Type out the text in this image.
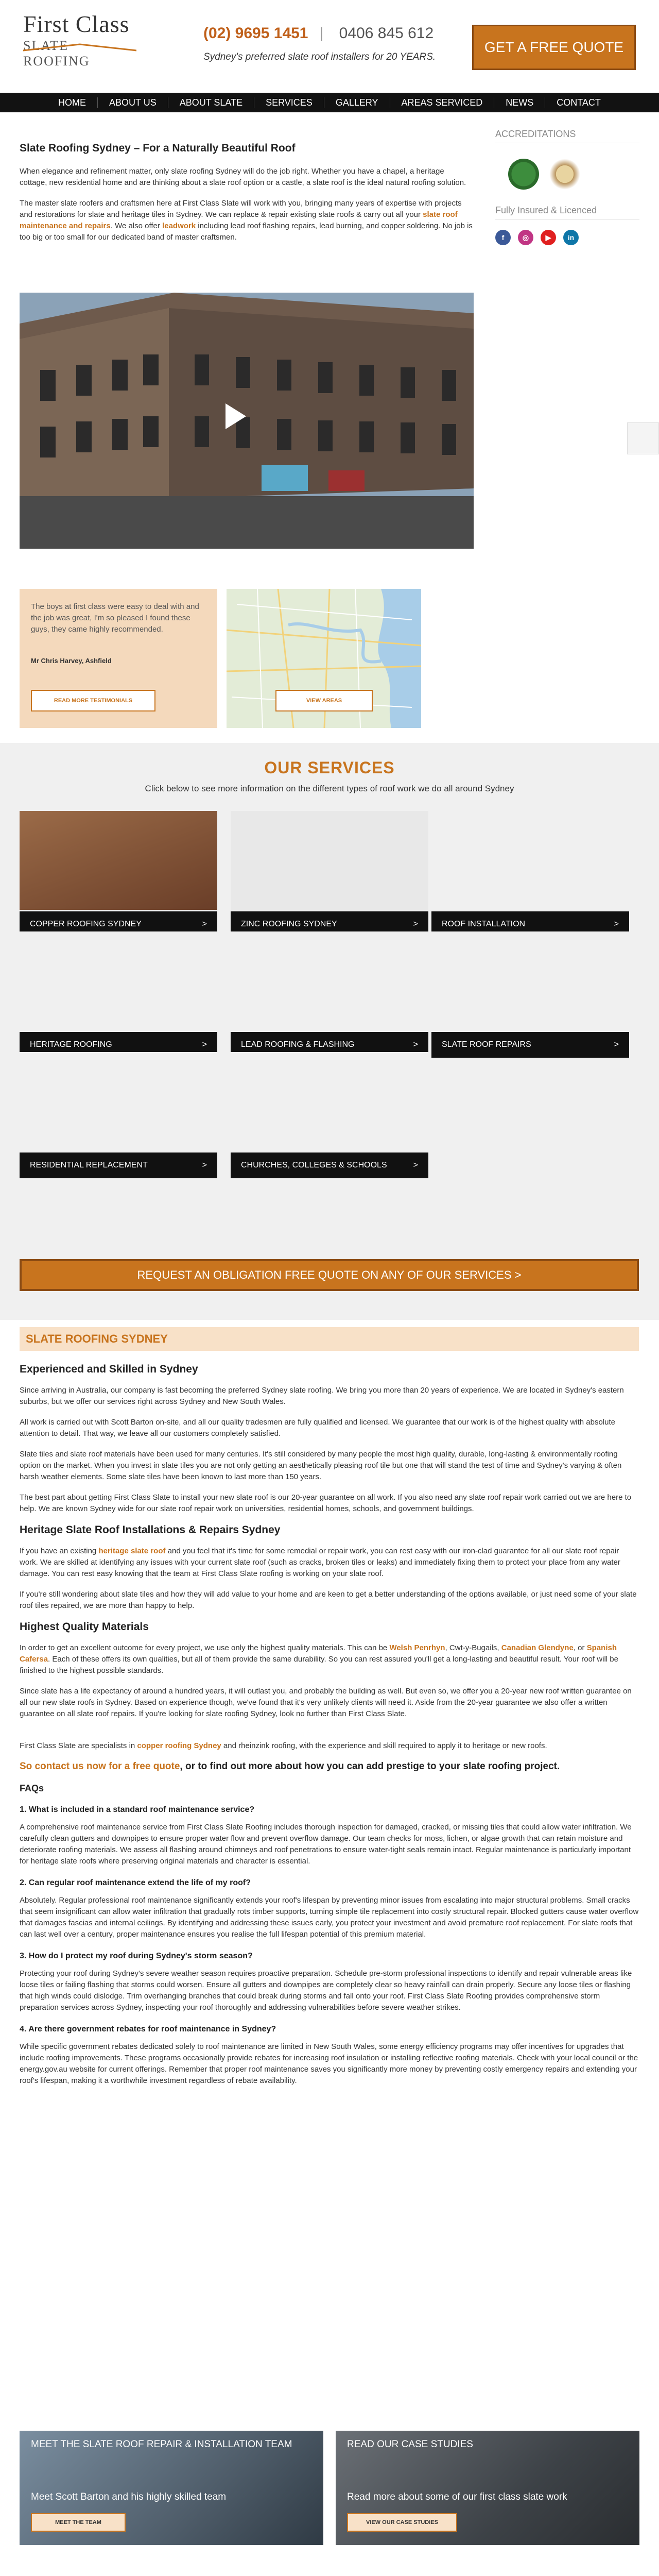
First Class
SLATE ROOFING
(02) 9695 1451 | 0406 845 612
Sydney's preferred slate roof installers for 20 YEARS.
GET A FREE QUOTE
HOME	ABOUT US	ABOUT SLATE	SERVICES	GALLERY	AREAS SERVICED	NEWS	CONTACT
Slate Roofing Sydney – For a Naturally Beautiful Roof

When elegance and refinement matter, only slate roofing Sydney will do the job right. Whether you have a chapel, a heritage cottage, new residential home and are thinking about a slate roof option or a castle, a slate roof is the ideal natural roofing solution.

The master slate roofers and craftsmen here at First Class Slate will work with you, bringing many years of expertise with projects and restorations for slate and heritage tiles in Sydney. We can replace & repair existing slate roofs & carry out all your slate roof maintenance and repairs. We also offer leadwork including lead roof flashing repairs, lead burning, and copper soldering. No job is too big or too small for our dedicated band of master craftsmen.

ACCREDITATIONS
Fully Insured & Licenced
f	◎	▶	in
The boys at first class were easy to deal with and the job was great, I'm so pleased I found these guys, they came highly recommended.
Mr Chris Harvey, Ashfield
READ MORE TESTIMONIALS	VIEW AREAS
OUR SERVICES
Click below to see more information on the different types of roof work we do all around Sydney
COPPER ROOFING SYDNEY	>	ZINC ROOFING SYDNEY	>	ROOF INSTALLATION	>
HERITAGE ROOFING	>	LEAD ROOFING & FLASHING	>	SLATE ROOF REPAIRS	>
RESIDENTIAL REPLACEMENT	>	CHURCHES, COLLEGES & SCHOOLS	>
REQUEST AN OBLIGATION FREE QUOTE ON ANY OF OUR SERVICES >
SLATE ROOFING SYDNEY
Experienced and Skilled in Sydney

Since arriving in Australia, our company is fast becoming the preferred Sydney slate roofing. We bring you more than 20 years of experience. We are located in Sydney's eastern suburbs, but we offer our services right across Sydney and New South Wales.

All work is carried out with Scott Barton on-site, and all our quality tradesmen are fully qualified and licensed. We guarantee that our work is of the highest quality with absolute attention to detail. That way, we leave all our customers completely satisfied.

Slate tiles and slate roof materials have been used for many centuries. It's still considered by many people the most high quality, durable, long-lasting & environmentally roofing option on the market. When you invest in slate tiles you are not only getting an aesthetically pleasing roof tile but one that will stand the test of time and Sydney's varying & often harsh weather elements. Some slate tiles have been known to last more than 150 years.

The best part about getting First Class Slate to install your new slate roof is our 20-year guarantee on all work. If you also need any slate roof repair work carried out we are here to help. We are known Sydney wide for our slate roof repair work on universities, residential homes, schools, and government buildings.

Heritage Slate Roof Installations & Repairs Sydney

If you have an existing heritage slate roof and you feel that it's time for some remedial or repair work, you can rest easy with our iron-clad guarantee for all our slate roof repair work. We are skilled at identifying any issues with your current slate roof (such as cracks, broken tiles or leaks) and immediately fixing them to protect your place from any water damage. You can rest easy knowing that the team at First Class Slate roofing is working on your slate roof.

If you're still wondering about slate tiles and how they will add value to your home and are keen to get a better understanding of the options available, or just need some of your slate roof tiles repaired, we are more than happy to help.

Highest Quality Materials

In order to get an excellent outcome for every project, we use only the highest quality materials. This can be Welsh Penrhyn, Cwt-y-Bugails, Canadian Glendyne, or Spanish Cafersa. Each of these offers its own qualities, but all of them provide the same durability. So you can rest assured you'll get a long-lasting and beautiful result. Your roof will be finished to the highest possible standards.

Since slate has a life expectancy of around a hundred years, it will outlast you, and probably the building as well. But even so, we offer you a 20-year new roof written guarantee on all our new slate roofs in Sydney. Based on experience though, we've found that it's very unlikely clients will need it. Aside from the 20-year guarantee we also offer a written guarantee on all slate roof repairs. If you're looking for slate roofing Sydney, look no further than First Class Slate.

First Class Slate are specialists in copper roofing Sydney and rheinzink roofing, with the experience and skill required to apply it to heritage or new roofs.

So contact us now for a free quote, or to find out more about how you can add prestige to your slate roofing project.

FAQs
1. What is included in a standard roof maintenance service?

A comprehensive roof maintenance service from First Class Slate Roofing includes thorough inspection for damaged, cracked, or missing tiles that could allow water infiltration. We carefully clean gutters and downpipes to ensure proper water flow and prevent overflow damage. Our team checks for moss, lichen, or algae growth that can retain moisture and deteriorate roofing materials. We assess all flashing around chimneys and roof penetrations to ensure water-tight seals remain intact. Regular maintenance is particularly important for heritage slate roofs where preserving original materials and character is essential.

2. Can regular roof maintenance extend the life of my roof?

Absolutely. Regular professional roof maintenance significantly extends your roof's lifespan by preventing minor issues from escalating into major structural problems. Small cracks that seem insignificant can allow water infiltration that gradually rots timber supports, turning simple tile replacement into costly structural repair. Blocked gutters cause water overflow that damages fascias and internal ceilings. By identifying and addressing these issues early, you protect your investment and avoid premature roof replacement. For slate roofs that can last well over a century, proper maintenance ensures you realise the full lifespan potential of this premium material.

3. How do I protect my roof during Sydney's storm season?

Protecting your roof during Sydney's severe weather season requires proactive preparation. Schedule pre-storm professional inspections to identify and repair vulnerable areas like loose tiles or failing flashing that storms could worsen. Ensure all gutters and downpipes are completely clear so heavy rainfall can drain properly. Secure any loose tiles or flashing that high winds could dislodge. Trim overhanging branches that could break during storms and fall onto your roof. First Class Slate Roofing provides comprehensive storm preparation services across Sydney, inspecting your roof thoroughly and addressing vulnerabilities before severe weather strikes.

4. Are there government rebates for roof maintenance in Sydney?

While specific government rebates dedicated solely to roof maintenance are limited in New South Wales, some energy efficiency programs may offer incentives for upgrades that include roofing improvements. These programs occasionally provide rebates for increasing roof insulation or installing reflective roofing materials. Check with your local council or the energy.gov.au website for current offerings. Remember that proper roof maintenance saves you significantly more money by preventing costly emergency repairs and extending your roof's lifespan, making it a worthwhile investment regardless of rebate availability.

MEET THE SLATE ROOF REPAIR & INSTALLATION TEAM
Meet Scott Barton and his highly skilled team
MEET THE TEAM
READ OUR CASE STUDIES
Read more about some of our first class slate work
VIEW OUR CASE STUDIES
